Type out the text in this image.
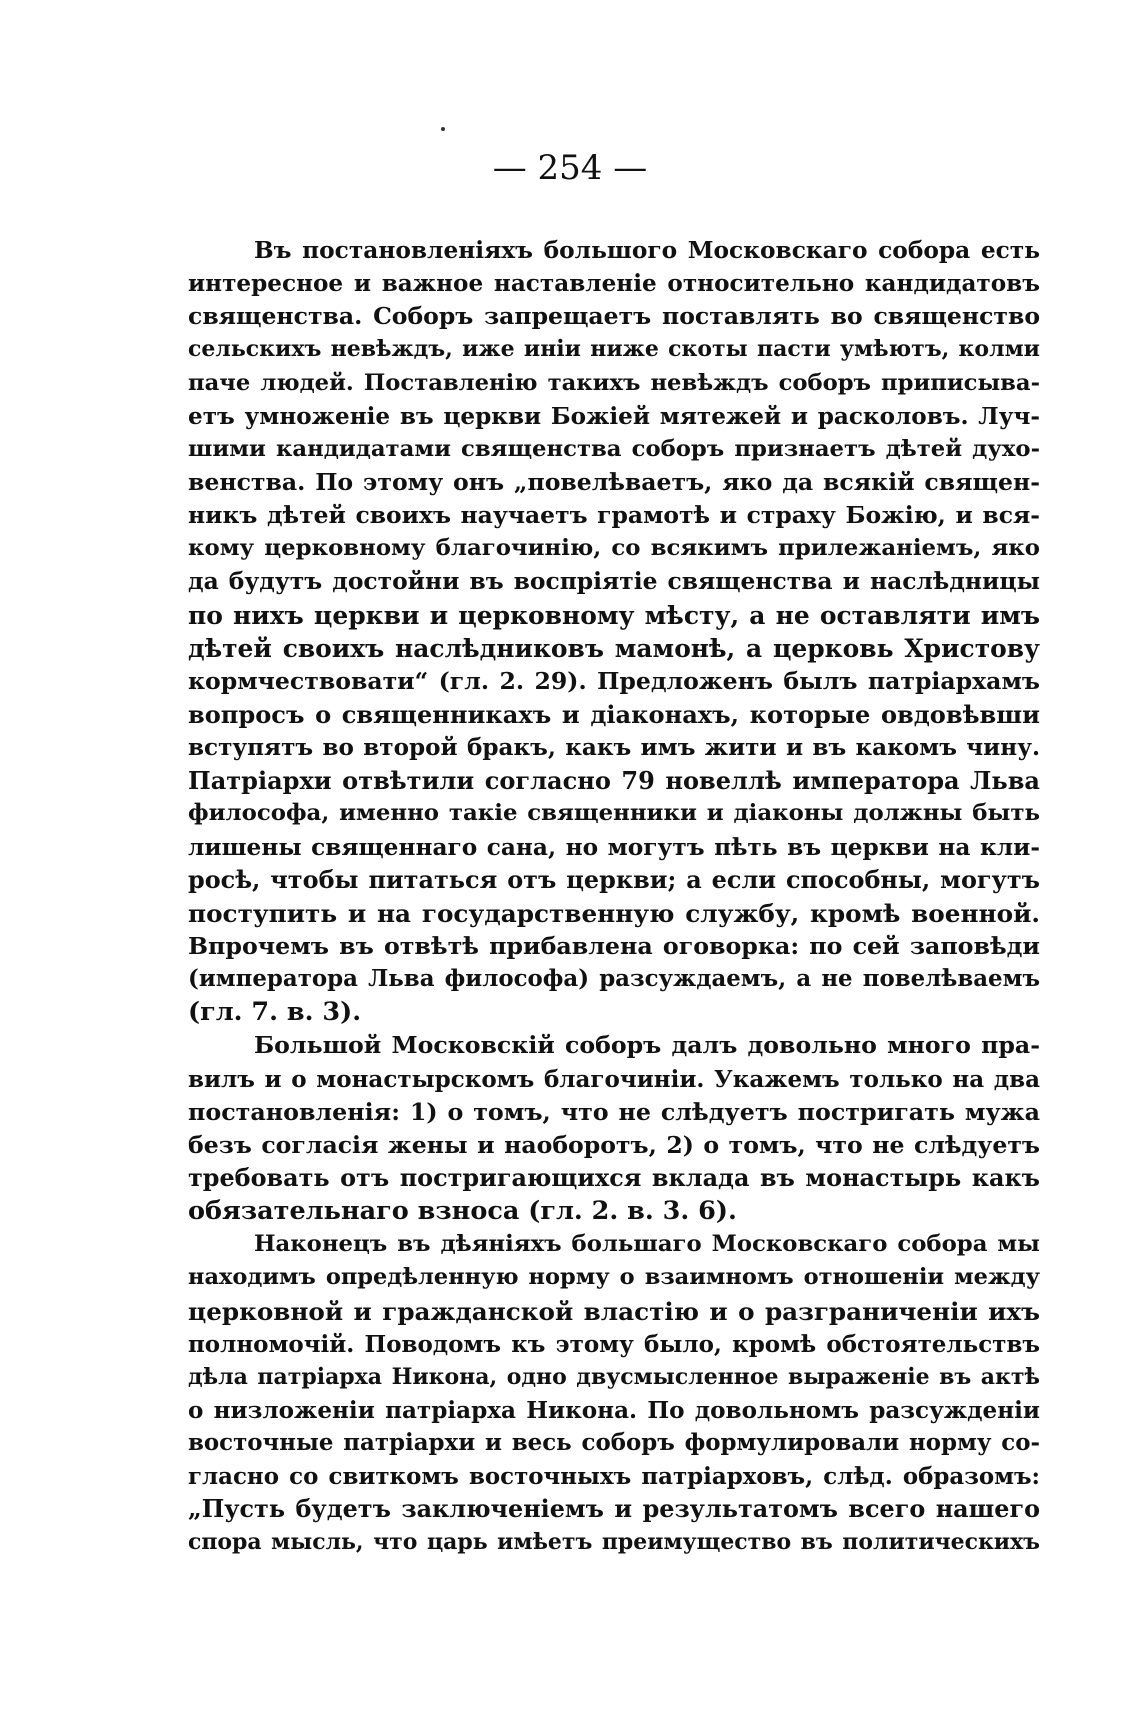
— 254 —
Въ постановленіяхъ большого Московскаго собора есть
интересное и важное наставленіе относительно кандидатовъ
священства. Соборъ запрещаетъ поставлять во священство
сельскихъ невѣждъ, иже иніи ниже скоты пасти умѣютъ, колми
паче людей. Поставленію такихъ невѣждъ соборъ приписыва-
етъ умноженіе въ церкви Божіей мятежей и расколовъ. Луч-
шими кандидатами священства соборъ признаетъ дѣтей духо-
венства. По этому онъ „повелѣваетъ, яко да всякій священ-
никъ дѣтей своихъ научаетъ грамотѣ и страху Божію, и вся-
кому церковному благочинію, со всякимъ прилежаніемъ, яко
да будутъ достойни въ воспріятіе священства и наслѣдницы
по нихъ церкви и церковному мѣсту, а не оставляти имъ
дѣтей своихъ наслѣдниковъ мамонѣ, а церковь Христову
кормчествовати“ (гл. 2. 29). Предложенъ былъ патріархамъ
вопросъ о священникахъ и діаконахъ, которые овдовѣвши
вступятъ во второй бракъ, какъ имъ жити и въ какомъ чину.
Патріархи отвѣтили согласно 79 новеллѣ императора Льва
философа, именно такіе священники и діаконы должны быть
лишены священнаго сана, но могутъ пѣть въ церкви на кли-
росѣ, чтобы питаться отъ церкви; а если способны, могутъ
поступить и на государственную службу, кромѣ военной.
Впрочемъ въ отвѣтѣ прибавлена оговорка: по сей заповѣди
(императора Льва философа) разсуждаемъ, а не повелѣваемъ
(гл. 7. в. 3).
Большой Московскій соборъ далъ довольно много пра-
вилъ и о монастырскомъ благочиніи. Укажемъ только на два
постановленія: 1) о томъ, что не слѣдуетъ постригать мужа
безъ согласія жены и наоборотъ, 2) о томъ, что не слѣдуетъ
требовать отъ постригающихся вклада въ монастырь какъ
обязательнаго взноса (гл. 2. в. 3. 6).
Наконецъ въ дѣяніяхъ большаго Московскаго собора мы
находимъ опредѣленную норму о взаимномъ отношеніи между
церковной и гражданской властію и о разграниченіи ихъ
полномочій. Поводомъ къ этому было, кромѣ обстоятельствъ
дѣла патріарха Никона, одно двусмысленное выраженіе въ актѣ
о низложеніи патріарха Никона. По довольномъ разсужденіи
восточные патріархи и весь соборъ формулировали норму со-
гласно со свиткомъ восточныхъ патріарховъ, слѣд. образомъ:
„Пусть будетъ заключеніемъ и результатомъ всего нашего
спора мысль, что царь имѣетъ преимущество въ политическихъ
